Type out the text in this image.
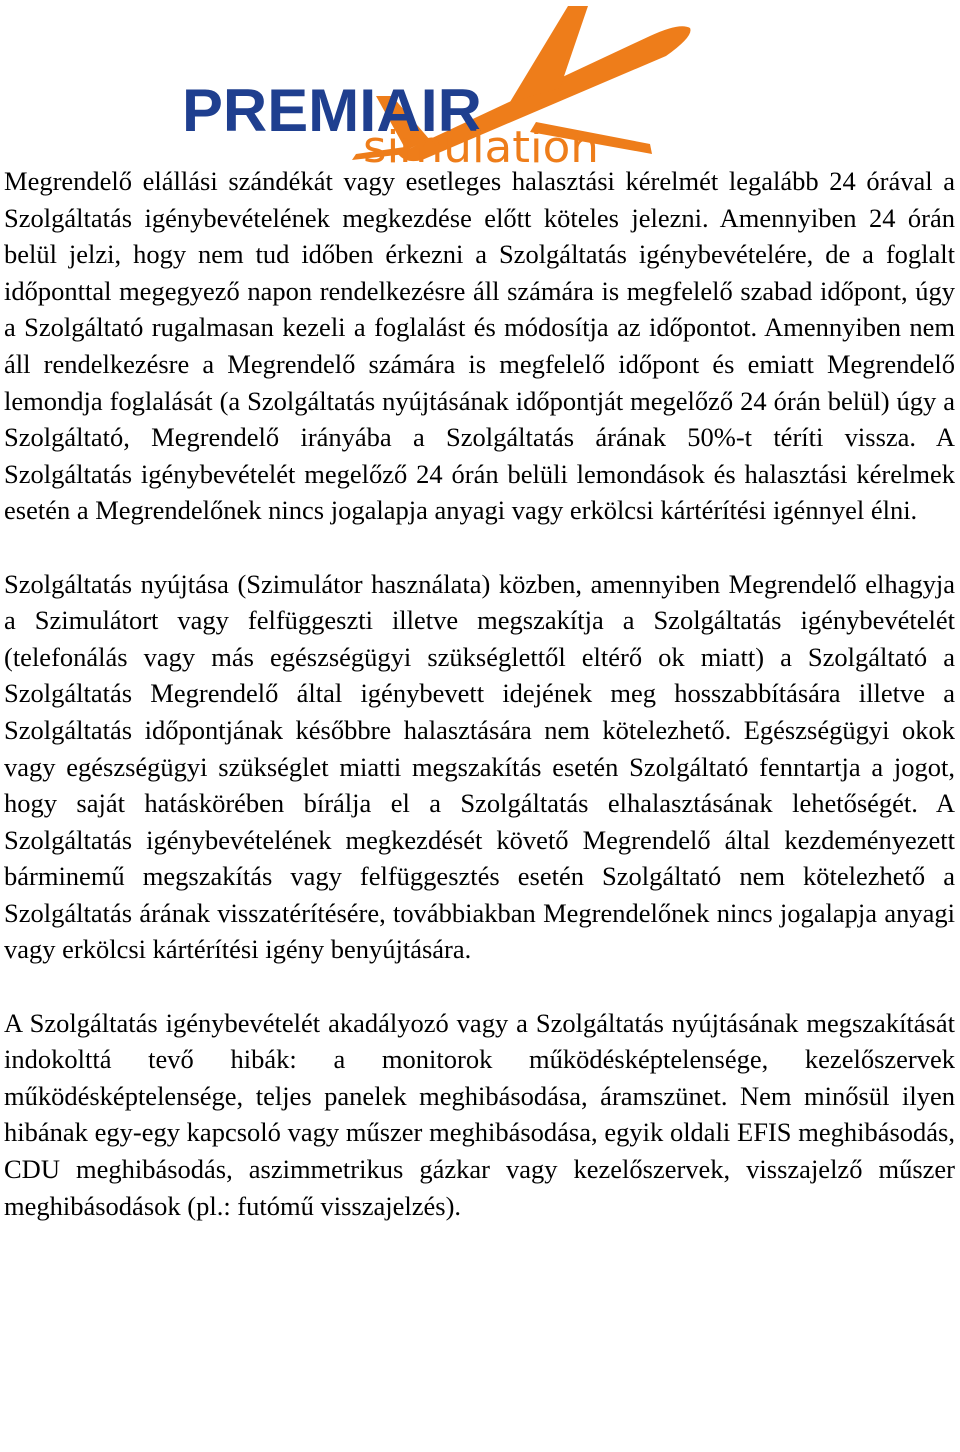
PREMIAIR
simulation

Megrendelő elállási szándékát vagy esetleges halasztási kérelmét legalább 24 órával a Szolgáltatás igénybevételének megkezdése előtt köteles jelezni. Amennyiben 24 órán belül jelzi, hogy nem tud időben érkezni a Szolgáltatás igénybevételére, de a foglalt időponttal megegyező napon rendelkezésre áll számára is megfelelő szabad időpont, úgy a Szolgáltató rugalmasan kezeli a foglalást és módosítja az időpontot. Amennyiben nem áll rendelkezésre a Megrendelő számára is megfelelő időpont és emiatt Megrendelő lemondja foglalását (a Szolgáltatás nyújtásának időpontját megelőző 24 órán belül) úgy a Szolgáltató, Megrendelő irányába a Szolgáltatás árának 50%-t téríti vissza. A Szolgáltatás igénybevételét megelőző 24 órán belüli lemondások és halasztási kérelmek esetén a Megrendelőnek nincs jogalapja anyagi vagy erkölcsi kártérítési igénnyel élni.

Szolgáltatás nyújtása (Szimulátor használata) közben, amennyiben Megrendelő elhagyja a Szimulátort vagy felfüggeszti illetve megszakítja a Szolgáltatás igénybevételét (telefonálás vagy más egészségügyi szükséglettől eltérő ok miatt) a Szolgáltató a Szolgáltatás Megrendelő által igénybevett idejének meg hosszabbítására illetve a Szolgáltatás időpontjának későbbre halasztására nem kötelezhető. Egészségügyi okok vagy egészségügyi szükséglet miatti megszakítás esetén Szolgáltató fenntartja a jogot, hogy saját hatáskörében bírálja el a Szolgáltatás elhalasztásának lehetőségét. A Szolgáltatás igénybevételének megkezdését követő Megrendelő által kezdeményezett bárminemű megszakítás vagy felfüggesztés esetén Szolgáltató nem kötelezhető a Szolgáltatás árának visszatérítésére, továbbiakban Megrendelőnek nincs jogalapja anyagi vagy erkölcsi kártérítési igény benyújtására.

A Szolgáltatás igénybevételét akadályozó vagy a Szolgáltatás nyújtásának megszakítását indokolttá tevő hibák: a monitorok működésképtelensége, kezelőszervek működésképtelensége, teljes panelek meghibásodása, áramszünet. Nem minősül ilyen hibának egy-egy kapcsoló vagy műszer meghibásodása, egyik oldali EFIS meghibásodás, CDU meghibásodás, aszimmetrikus gázkar vagy kezelőszervek, visszajelző műszer meghibásodások (pl.: futómű visszajelzés).
